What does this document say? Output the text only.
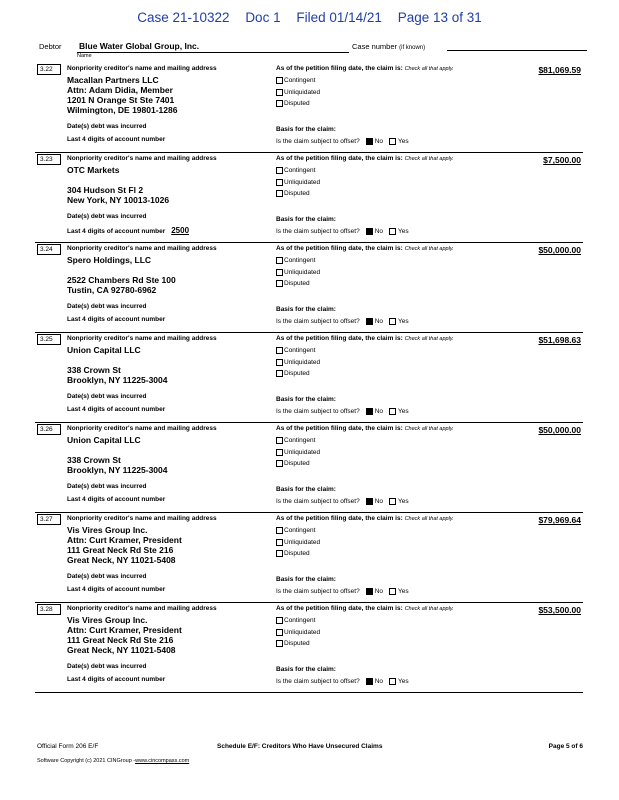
Case 21-10322 Doc 1 Filed 01/14/21 Page 13 of 31
Debtor Blue Water Global Group, Inc.
Name
Case number (if known)
3.22	Nonpriority creditor's name and mailing address
Macallan Partners LLC
Attn: Adam Didia, Member
1201 N Orange St Ste 7401
Wilmington, DE 19801-1286
Date(s) debt was incurred
Last 4 digits of account number
As of the petition filing date, the claim is: Check all that apply.	$81,069.59
Contingent
Unliquidated
Disputed
Basis for the claim:
Is the claim subject to offset? No Yes
3.23	Nonpriority creditor's name and mailing address
OTC Markets
304 Hudson St Fl 2
New York, NY 10013-1026
Date(s) debt was incurred
Last 4 digits of account number 2500
As of the petition filing date, the claim is: Check all that apply.	$7,500.00
Contingent
Unliquidated
Disputed
Basis for the claim:
Is the claim subject to offset? No Yes
3.24	Nonpriority creditor's name and mailing address
Spero Holdings, LLC
2522 Chambers Rd Ste 100
Tustin, CA 92780-6962
Date(s) debt was incurred
Last 4 digits of account number
As of the petition filing date, the claim is: Check all that apply.	$50,000.00
Contingent
Unliquidated
Disputed
Basis for the claim:
Is the claim subject to offset? No Yes
3.25	Nonpriority creditor's name and mailing address
Union Capital LLC
338 Crown St
Brooklyn, NY 11225-3004
Date(s) debt was incurred
Last 4 digits of account number
As of the petition filing date, the claim is: Check all that apply.	$51,698.63
Contingent
Unliquidated
Disputed
Basis for the claim:
Is the claim subject to offset? No Yes
3.26	Nonpriority creditor's name and mailing address
Union Capital LLC
338 Crown St
Brooklyn, NY 11225-3004
Date(s) debt was incurred
Last 4 digits of account number
As of the petition filing date, the claim is: Check all that apply.	$50,000.00
Contingent
Unliquidated
Disputed
Basis for the claim:
Is the claim subject to offset? No Yes
3.27	Nonpriority creditor's name and mailing address
Vis Vires Group Inc.
Attn: Curt Kramer, President
111 Great Neck Rd Ste 216
Great Neck, NY 11021-5408
Date(s) debt was incurred
Last 4 digits of account number
As of the petition filing date, the claim is: Check all that apply.	$79,969.64
Contingent
Unliquidated
Disputed
Basis for the claim:
Is the claim subject to offset? No Yes
3.28	Nonpriority creditor's name and mailing address
Vis Vires Group Inc.
Attn: Curt Kramer, President
111 Great Neck Rd Ste 216
Great Neck, NY 11021-5408
Date(s) debt was incurred
Last 4 digits of account number
As of the petition filing date, the claim is: Check all that apply.	$53,500.00
Contingent
Unliquidated
Disputed
Basis for the claim:
Is the claim subject to offset? No Yes
Official Form 206 E/F	Schedule E/F: Creditors Who Have Unsecured Claims	Page 5 of 6
Software Copyright (c) 2021 CINGroup -www.cincompass.com
